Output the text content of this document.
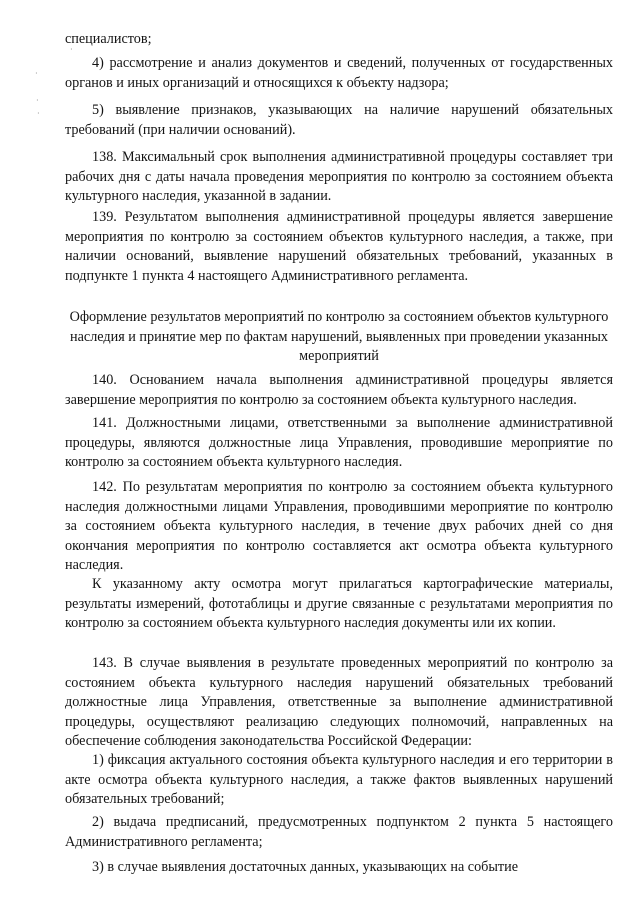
специалистов;

4) рассмотрение и анализ документов и сведений, полученных от государственных органов и иных организаций и относящихся к объекту надзора;

5) выявление признаков, указывающих на наличие нарушений обязательных требований (при наличии оснований).

138. Максимальный срок выполнения административной процедуры составляет три рабочих дня с даты начала проведения мероприятия по контролю за состоянием объекта культурного наследия, указанной в задании.

139. Результатом выполнения административной процедуры является завершение мероприятия по контролю за состоянием объектов культурного наследия, а также, при наличии оснований, выявление нарушений обязательных требований, указанных в подпункте 1 пункта 4 настоящего Административного регламента.

Оформление результатов мероприятий по контролю за состоянием объектов культурного наследия и принятие мер по фактам нарушений, выявленных при проведении указанных мероприятий

140. Основанием начала выполнения административной процедуры является завершение мероприятия по контролю за состоянием объекта культурного наследия.

141. Должностными лицами, ответственными за выполнение административной процедуры, являются должностные лица Управления, проводившие мероприятие по контролю за состоянием объекта культурного наследия.

142. По результатам мероприятия по контролю за состоянием объекта культурного наследия должностными лицами Управления, проводившими мероприятие по контролю за состоянием объекта культурного наследия, в течение двух рабочих дней со дня окончания мероприятия по контролю составляется акт осмотра объекта культурного наследия.

К указанному акту осмотра могут прилагаться картографические материалы, результаты измерений, фототаблицы и другие связанные с результатами мероприятия по контролю за состоянием объекта культурного наследия документы или их копии.

143. В случае выявления в результате проведенных мероприятий по контролю за состоянием объекта культурного наследия нарушений обязательных требований должностные лица Управления, ответственные за выполнение административной процедуры, осуществляют реализацию следующих полномочий, направленных на обеспечение соблюдения законодательства Российской Федерации:

1) фиксация актуального состояния объекта культурного наследия и его территории в акте осмотра объекта культурного наследия, а также фактов выявленных нарушений обязательных требований;

2) выдача предписаний, предусмотренных подпунктом 2 пункта 5 настоящего Административного регламента;

3) в случае выявления достаточных данных, указывающих на событие

·
·
·
·
